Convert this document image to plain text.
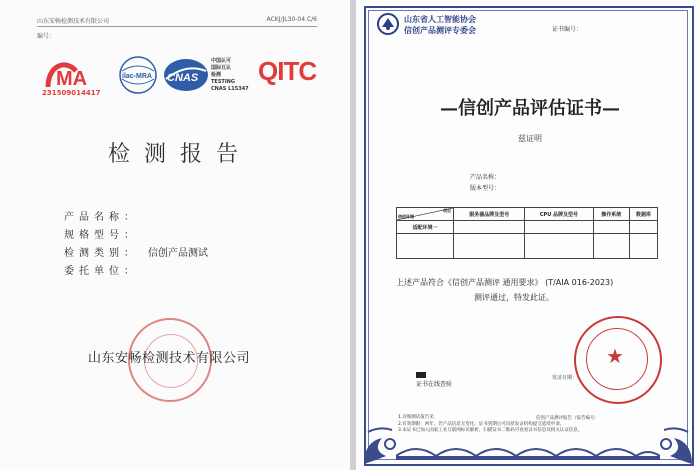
山东安畅检测技术有限公司	ACKJ/JL30-04 C/6
编号：
MA
231509014417
ilac-MRA CNAS
中国认可
国际互认
检测
TESTING
CNAS L15347
QITC
检测报告
产品名称：
规格型号：
检测类别： 信创产品测试
委托单位：
山东安畅检测技术有限公司
山东省人工智能协会
信创产品测评专委会	证书编号：
—信创产品评估证书—
兹证明
产品名称：
版本型号：
项目
信创环境	服务器品牌及型号	CPU 品牌及型号	操作系统	数据库
适配环境一				

上述产品符合《信创产品测评 通用要求》 (T/AIA 016-2023)
测评通过，特发此证。
证书在线查验
★
发证日期：
1.详细测试报告见：
2.有效期限：两年。若产品信息无变化，证书到期后可向原发证机构提交延续申请。
3.本证书已加入国家工业互联网标识解析，扫描证书二维码可查看证书信息及相关认证信息。
信创产品测评报告（报告编号：
